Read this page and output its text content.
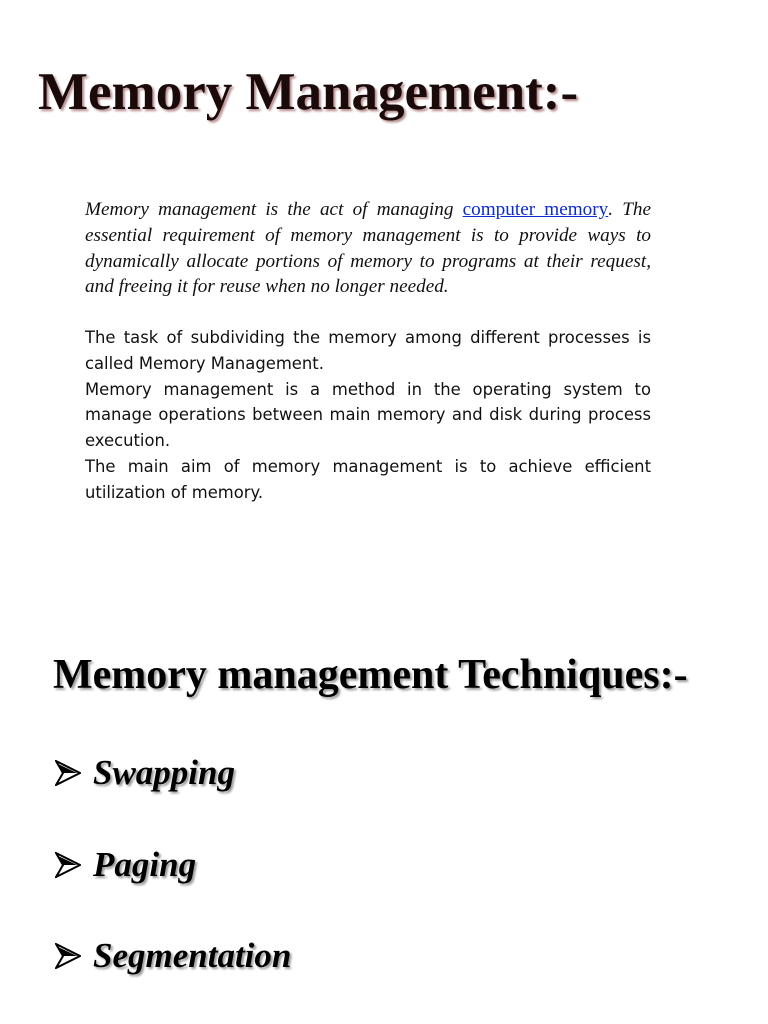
Memory Management:-

Memory management is the act of managing computer memory. The essential requirement of memory management is to provide ways to dynamically allocate portions of memory to programs at their request, and freeing it for reuse when no longer needed.

The task of subdividing the memory among different processes is called Memory Management.

Memory management is a method in the operating system to manage operations between main memory and disk during process execution.

The main aim of memory management is to achieve efficient utilization of memory.

Memory management Techniques:-
Swapping
Paging
Segmentation
